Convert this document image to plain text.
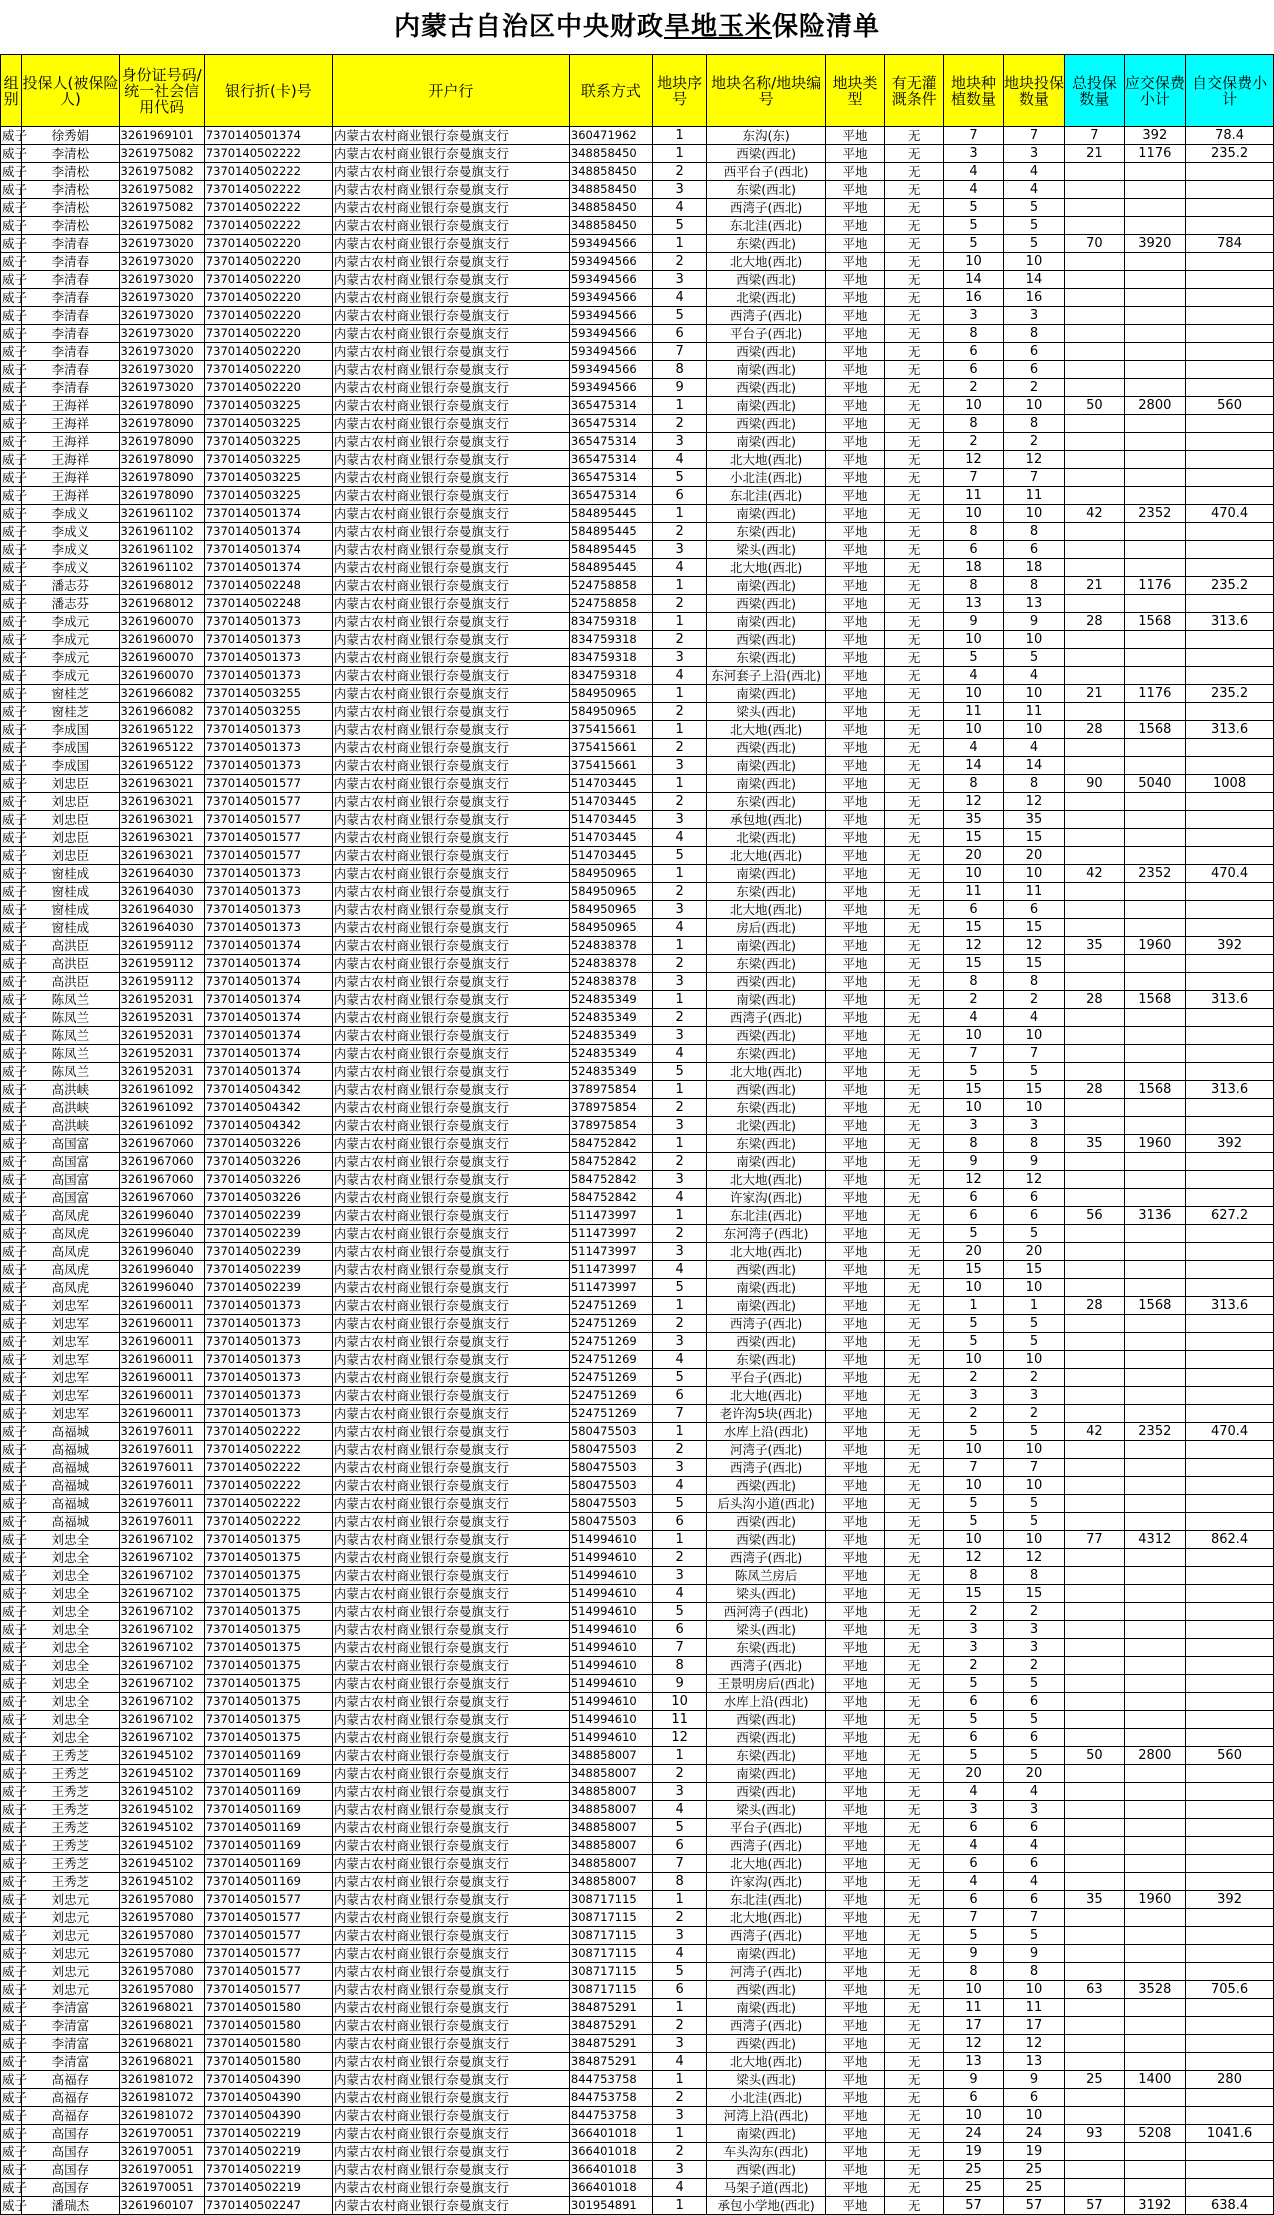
内蒙古自治区中央财政旱地玉米保险清单
组别	投保人(被保险人)	身份证号码/统一社会信用代码	银行折(卡)号	开户行	联系方式	地块序号	地块名称/地块编号	地块类型	有无灌溉条件	地块种植数量	地块投保数量	总投保数量	应交保费小计	自交保费小计
威子	徐秀娟	3261969101	7370140501374	内蒙古农村商业银行奈曼旗支行	360471962	1	东沟(东)	平地	无	7	7	7	392	78.4
威子	李清松	3261975082	7370140502222	内蒙古农村商业银行奈曼旗支行	348858450	1	西梁(西北)	平地	无	3	3	21	1176	235.2
威子	李清松	3261975082	7370140502222	内蒙古农村商业银行奈曼旗支行	348858450	2	西平台子(西北)	平地	无	4	4			
威子	李清松	3261975082	7370140502222	内蒙古农村商业银行奈曼旗支行	348858450	3	东梁(西北)	平地	无	4	4			
威子	李清松	3261975082	7370140502222	内蒙古农村商业银行奈曼旗支行	348858450	4	西湾子(西北)	平地	无	5	5			
威子	李清松	3261975082	7370140502222	内蒙古农村商业银行奈曼旗支行	348858450	5	东北洼(西北)	平地	无	5	5			
威子	李清春	3261973020	7370140502220	内蒙古农村商业银行奈曼旗支行	593494566	1	东梁(西北)	平地	无	5	5	70	3920	784
威子	李清春	3261973020	7370140502220	内蒙古农村商业银行奈曼旗支行	593494566	2	北大地(西北)	平地	无	10	10			
威子	李清春	3261973020	7370140502220	内蒙古农村商业银行奈曼旗支行	593494566	3	西梁(西北)	平地	无	14	14			
威子	李清春	3261973020	7370140502220	内蒙古农村商业银行奈曼旗支行	593494566	4	北梁(西北)	平地	无	16	16			
威子	李清春	3261973020	7370140502220	内蒙古农村商业银行奈曼旗支行	593494566	5	西湾子(西北)	平地	无	3	3			
威子	李清春	3261973020	7370140502220	内蒙古农村商业银行奈曼旗支行	593494566	6	平台子(西北)	平地	无	8	8			
威子	李清春	3261973020	7370140502220	内蒙古农村商业银行奈曼旗支行	593494566	7	西梁(西北)	平地	无	6	6			
威子	李清春	3261973020	7370140502220	内蒙古农村商业银行奈曼旗支行	593494566	8	南梁(西北)	平地	无	6	6			
威子	李清春	3261973020	7370140502220	内蒙古农村商业银行奈曼旗支行	593494566	9	西梁(西北)	平地	无	2	2			
威子	王海祥	3261978090	7370140503225	内蒙古农村商业银行奈曼旗支行	365475314	1	南梁(西北)	平地	无	10	10	50	2800	560
威子	王海祥	3261978090	7370140503225	内蒙古农村商业银行奈曼旗支行	365475314	2	西梁(西北)	平地	无	8	8			
威子	王海祥	3261978090	7370140503225	内蒙古农村商业银行奈曼旗支行	365475314	3	南梁(西北)	平地	无	2	2			
威子	王海祥	3261978090	7370140503225	内蒙古农村商业银行奈曼旗支行	365475314	4	北大地(西北)	平地	无	12	12			
威子	王海祥	3261978090	7370140503225	内蒙古农村商业银行奈曼旗支行	365475314	5	小北洼(西北)	平地	无	7	7			
威子	王海祥	3261978090	7370140503225	内蒙古农村商业银行奈曼旗支行	365475314	6	东北洼(西北)	平地	无	11	11			
威子	李成义	3261961102	7370140501374	内蒙古农村商业银行奈曼旗支行	584895445	1	南梁(西北)	平地	无	10	10	42	2352	470.4
威子	李成义	3261961102	7370140501374	内蒙古农村商业银行奈曼旗支行	584895445	2	东梁(西北)	平地	无	8	8			
威子	李成义	3261961102	7370140501374	内蒙古农村商业银行奈曼旗支行	584895445	3	梁头(西北)	平地	无	6	6			
威子	李成义	3261961102	7370140501374	内蒙古农村商业银行奈曼旗支行	584895445	4	北大地(西北)	平地	无	18	18			
威子	潘志芬	3261968012	7370140502248	内蒙古农村商业银行奈曼旗支行	524758858	1	南梁(西北)	平地	无	8	8	21	1176	235.2
威子	潘志芬	3261968012	7370140502248	内蒙古农村商业银行奈曼旗支行	524758858	2	西梁(西北)	平地	无	13	13			
威子	李成元	3261960070	7370140501373	内蒙古农村商业银行奈曼旗支行	834759318	1	南梁(西北)	平地	无	9	9	28	1568	313.6
威子	李成元	3261960070	7370140501373	内蒙古农村商业银行奈曼旗支行	834759318	2	西梁(西北)	平地	无	10	10			
威子	李成元	3261960070	7370140501373	内蒙古农村商业银行奈曼旗支行	834759318	3	东梁(西北)	平地	无	5	5			
威子	李成元	3261960070	7370140501373	内蒙古农村商业银行奈曼旗支行	834759318	4	东河套子上沿(西北)	平地	无	4	4			
威子	窗桂芝	3261966082	7370140503255	内蒙古农村商业银行奈曼旗支行	584950965	1	南梁(西北)	平地	无	10	10	21	1176	235.2
威子	窗桂芝	3261966082	7370140503255	内蒙古农村商业银行奈曼旗支行	584950965	2	梁头(西北)	平地	无	11	11			
威子	李成国	3261965122	7370140501373	内蒙古农村商业银行奈曼旗支行	375415661	1	北大地(西北)	平地	无	10	10	28	1568	313.6
威子	李成国	3261965122	7370140501373	内蒙古农村商业银行奈曼旗支行	375415661	2	西梁(西北)	平地	无	4	4			
威子	李成国	3261965122	7370140501373	内蒙古农村商业银行奈曼旗支行	375415661	3	南梁(西北)	平地	无	14	14			
威子	刘忠臣	3261963021	7370140501577	内蒙古农村商业银行奈曼旗支行	514703445	1	南梁(西北)	平地	无	8	8	90	5040	1008
威子	刘忠臣	3261963021	7370140501577	内蒙古农村商业银行奈曼旗支行	514703445	2	东梁(西北)	平地	无	12	12			
威子	刘忠臣	3261963021	7370140501577	内蒙古农村商业银行奈曼旗支行	514703445	3	承包地(西北)	平地	无	35	35			
威子	刘忠臣	3261963021	7370140501577	内蒙古农村商业银行奈曼旗支行	514703445	4	北梁(西北)	平地	无	15	15			
威子	刘忠臣	3261963021	7370140501577	内蒙古农村商业银行奈曼旗支行	514703445	5	北大地(西北)	平地	无	20	20			
威子	窗桂成	3261964030	7370140501373	内蒙古农村商业银行奈曼旗支行	584950965	1	南梁(西北)	平地	无	10	10	42	2352	470.4
威子	窗桂成	3261964030	7370140501373	内蒙古农村商业银行奈曼旗支行	584950965	2	东梁(西北)	平地	无	11	11			
威子	窗桂成	3261964030	7370140501373	内蒙古农村商业银行奈曼旗支行	584950965	3	北大地(西北)	平地	无	6	6			
威子	窗桂成	3261964030	7370140501373	内蒙古农村商业银行奈曼旗支行	584950965	4	房后(西北)	平地	无	15	15			
威子	高洪臣	3261959112	7370140501374	内蒙古农村商业银行奈曼旗支行	524838378	1	南梁(西北)	平地	无	12	12	35	1960	392
威子	高洪臣	3261959112	7370140501374	内蒙古农村商业银行奈曼旗支行	524838378	2	东梁(西北)	平地	无	15	15			
威子	高洪臣	3261959112	7370140501374	内蒙古农村商业银行奈曼旗支行	524838378	3	西梁(西北)	平地	无	8	8			
威子	陈凤兰	3261952031	7370140501374	内蒙古农村商业银行奈曼旗支行	524835349	1	南梁(西北)	平地	无	2	2	28	1568	313.6
威子	陈凤兰	3261952031	7370140501374	内蒙古农村商业银行奈曼旗支行	524835349	2	西湾子(西北)	平地	无	4	4			
威子	陈凤兰	3261952031	7370140501374	内蒙古农村商业银行奈曼旗支行	524835349	3	西梁(西北)	平地	无	10	10			
威子	陈凤兰	3261952031	7370140501374	内蒙古农村商业银行奈曼旗支行	524835349	4	东梁(西北)	平地	无	7	7			
威子	陈凤兰	3261952031	7370140501374	内蒙古农村商业银行奈曼旗支行	524835349	5	北大地(西北)	平地	无	5	5			
威子	高洪峡	3261961092	7370140504342	内蒙古农村商业银行奈曼旗支行	378975854	1	西梁(西北)	平地	无	15	15	28	1568	313.6
威子	高洪峡	3261961092	7370140504342	内蒙古农村商业银行奈曼旗支行	378975854	2	东梁(西北)	平地	无	10	10			
威子	高洪峡	3261961092	7370140504342	内蒙古农村商业银行奈曼旗支行	378975854	3	北梁(西北)	平地	无	3	3			
威子	高国富	3261967060	7370140503226	内蒙古农村商业银行奈曼旗支行	584752842	1	东梁(西北)	平地	无	8	8	35	1960	392
威子	高国富	3261967060	7370140503226	内蒙古农村商业银行奈曼旗支行	584752842	2	南梁(西北)	平地	无	9	9			
威子	高国富	3261967060	7370140503226	内蒙古农村商业银行奈曼旗支行	584752842	3	北大地(西北)	平地	无	12	12			
威子	高国富	3261967060	7370140503226	内蒙古农村商业银行奈曼旗支行	584752842	4	许家沟(西北)	平地	无	6	6			
威子	高凤虎	3261996040	7370140502239	内蒙古农村商业银行奈曼旗支行	511473997	1	东北洼(西北)	平地	无	6	6	56	3136	627.2
威子	高凤虎	3261996040	7370140502239	内蒙古农村商业银行奈曼旗支行	511473997	2	东河湾子(西北)	平地	无	5	5			
威子	高凤虎	3261996040	7370140502239	内蒙古农村商业银行奈曼旗支行	511473997	3	北大地(西北)	平地	无	20	20			
威子	高凤虎	3261996040	7370140502239	内蒙古农村商业银行奈曼旗支行	511473997	4	西梁(西北)	平地	无	15	15			
威子	高凤虎	3261996040	7370140502239	内蒙古农村商业银行奈曼旗支行	511473997	5	南梁(西北)	平地	无	10	10			
威子	刘忠军	3261960011	7370140501373	内蒙古农村商业银行奈曼旗支行	524751269	1	南梁(西北)	平地	无	1	1	28	1568	313.6
威子	刘忠军	3261960011	7370140501373	内蒙古农村商业银行奈曼旗支行	524751269	2	西湾子(西北)	平地	无	5	5			
威子	刘忠军	3261960011	7370140501373	内蒙古农村商业银行奈曼旗支行	524751269	3	西梁(西北)	平地	无	5	5			
威子	刘忠军	3261960011	7370140501373	内蒙古农村商业银行奈曼旗支行	524751269	4	东梁(西北)	平地	无	10	10			
威子	刘忠军	3261960011	7370140501373	内蒙古农村商业银行奈曼旗支行	524751269	5	平台子(西北)	平地	无	2	2			
威子	刘忠军	3261960011	7370140501373	内蒙古农村商业银行奈曼旗支行	524751269	6	北大地(西北)	平地	无	3	3			
威子	刘忠军	3261960011	7370140501373	内蒙古农村商业银行奈曼旗支行	524751269	7	老许沟5块(西北)	平地	无	2	2			
威子	高福城	3261976011	7370140502222	内蒙古农村商业银行奈曼旗支行	580475503	1	水库上沿(西北)	平地	无	5	5	42	2352	470.4
威子	高福城	3261976011	7370140502222	内蒙古农村商业银行奈曼旗支行	580475503	2	河湾子(西北)	平地	无	10	10			
威子	高福城	3261976011	7370140502222	内蒙古农村商业银行奈曼旗支行	580475503	3	西湾子(西北)	平地	无	7	7			
威子	高福城	3261976011	7370140502222	内蒙古农村商业银行奈曼旗支行	580475503	4	西梁(西北)	平地	无	10	10			
威子	高福城	3261976011	7370140502222	内蒙古农村商业银行奈曼旗支行	580475503	5	后头沟小道(西北)	平地	无	5	5			
威子	高福城	3261976011	7370140502222	内蒙古农村商业银行奈曼旗支行	580475503	6	西梁(西北)	平地	无	5	5			
威子	刘忠全	3261967102	7370140501375	内蒙古农村商业银行奈曼旗支行	514994610	1	西梁(西北)	平地	无	10	10	77	4312	862.4
威子	刘忠全	3261967102	7370140501375	内蒙古农村商业银行奈曼旗支行	514994610	2	西湾子(西北)	平地	无	12	12			
威子	刘忠全	3261967102	7370140501375	内蒙古农村商业银行奈曼旗支行	514994610	3	陈凤兰房后	平地	无	8	8			
威子	刘忠全	3261967102	7370140501375	内蒙古农村商业银行奈曼旗支行	514994610	4	梁头(西北)	平地	无	15	15			
威子	刘忠全	3261967102	7370140501375	内蒙古农村商业银行奈曼旗支行	514994610	5	西河湾子(西北)	平地	无	2	2			
威子	刘忠全	3261967102	7370140501375	内蒙古农村商业银行奈曼旗支行	514994610	6	梁头(西北)	平地	无	3	3			
威子	刘忠全	3261967102	7370140501375	内蒙古农村商业银行奈曼旗支行	514994610	7	东梁(西北)	平地	无	3	3			
威子	刘忠全	3261967102	7370140501375	内蒙古农村商业银行奈曼旗支行	514994610	8	西湾子(西北)	平地	无	2	2			
威子	刘忠全	3261967102	7370140501375	内蒙古农村商业银行奈曼旗支行	514994610	9	王景明房后(西北)	平地	无	5	5			
威子	刘忠全	3261967102	7370140501375	内蒙古农村商业银行奈曼旗支行	514994610	10	水库上沿(西北)	平地	无	6	6			
威子	刘忠全	3261967102	7370140501375	内蒙古农村商业银行奈曼旗支行	514994610	11	西梁(西北)	平地	无	5	5			
威子	刘忠全	3261967102	7370140501375	内蒙古农村商业银行奈曼旗支行	514994610	12	西梁(西北)	平地	无	6	6			
威子	王秀芝	3261945102	7370140501169	内蒙古农村商业银行奈曼旗支行	348858007	1	东梁(西北)	平地	无	5	5	50	2800	560
威子	王秀芝	3261945102	7370140501169	内蒙古农村商业银行奈曼旗支行	348858007	2	南梁(西北)	平地	无	20	20			
威子	王秀芝	3261945102	7370140501169	内蒙古农村商业银行奈曼旗支行	348858007	3	西梁(西北)	平地	无	4	4			
威子	王秀芝	3261945102	7370140501169	内蒙古农村商业银行奈曼旗支行	348858007	4	梁头(西北)	平地	无	3	3			
威子	王秀芝	3261945102	7370140501169	内蒙古农村商业银行奈曼旗支行	348858007	5	平台子(西北)	平地	无	6	6			
威子	王秀芝	3261945102	7370140501169	内蒙古农村商业银行奈曼旗支行	348858007	6	西湾子(西北)	平地	无	4	4			
威子	王秀芝	3261945102	7370140501169	内蒙古农村商业银行奈曼旗支行	348858007	7	北大地(西北)	平地	无	6	6			
威子	王秀芝	3261945102	7370140501169	内蒙古农村商业银行奈曼旗支行	348858007	8	许家沟(西北)	平地	无	4	4			
威子	刘忠元	3261957080	7370140501577	内蒙古农村商业银行奈曼旗支行	308717115	1	东北洼(西北)	平地	无	6	6	35	1960	392
威子	刘忠元	3261957080	7370140501577	内蒙古农村商业银行奈曼旗支行	308717115	2	北大地(西北)	平地	无	7	7			
威子	刘忠元	3261957080	7370140501577	内蒙古农村商业银行奈曼旗支行	308717115	3	西湾子(西北)	平地	无	5	5			
威子	刘忠元	3261957080	7370140501577	内蒙古农村商业银行奈曼旗支行	308717115	4	南梁(西北)	平地	无	9	9			
威子	刘忠元	3261957080	7370140501577	内蒙古农村商业银行奈曼旗支行	308717115	5	河湾子(西北)	平地	无	8	8			
威子	刘忠元	3261957080	7370140501577	内蒙古农村商业银行奈曼旗支行	308717115	6	西梁(西北)	平地	无	10	10	63	3528	705.6
威子	李清富	3261968021	7370140501580	内蒙古农村商业银行奈曼旗支行	384875291	1	南梁(西北)	平地	无	11	11			
威子	李清富	3261968021	7370140501580	内蒙古农村商业银行奈曼旗支行	384875291	2	西湾子(西北)	平地	无	17	17			
威子	李清富	3261968021	7370140501580	内蒙古农村商业银行奈曼旗支行	384875291	3	西梁(西北)	平地	无	12	12			
威子	李清富	3261968021	7370140501580	内蒙古农村商业银行奈曼旗支行	384875291	4	北大地(西北)	平地	无	13	13			
威子	高福存	3261981072	7370140504390	内蒙古农村商业银行奈曼旗支行	844753758	1	梁头(西北)	平地	无	9	9	25	1400	280
威子	高福存	3261981072	7370140504390	内蒙古农村商业银行奈曼旗支行	844753758	2	小北洼(西北)	平地	无	6	6			
威子	高福存	3261981072	7370140504390	内蒙古农村商业银行奈曼旗支行	844753758	3	河湾上沿(西北)	平地	无	10	10			
威子	高国存	3261970051	7370140502219	内蒙古农村商业银行奈曼旗支行	366401018	1	南梁(西北)	平地	无	24	24	93	5208	1041.6
威子	高国存	3261970051	7370140502219	内蒙古农村商业银行奈曼旗支行	366401018	2	车头沟东(西北)	平地	无	19	19			
威子	高国存	3261970051	7370140502219	内蒙古农村商业银行奈曼旗支行	366401018	3	西梁(西北)	平地	无	25	25			
威子	高国存	3261970051	7370140502219	内蒙古农村商业银行奈曼旗支行	366401018	4	马架子道(西北)	平地	无	25	25			
威子	潘瑞杰	3261960107	7370140502247	内蒙古农村商业银行奈曼旗支行	301954891	1	承包小学地(西北)	平地	无	57	57	57	3192	638.4
